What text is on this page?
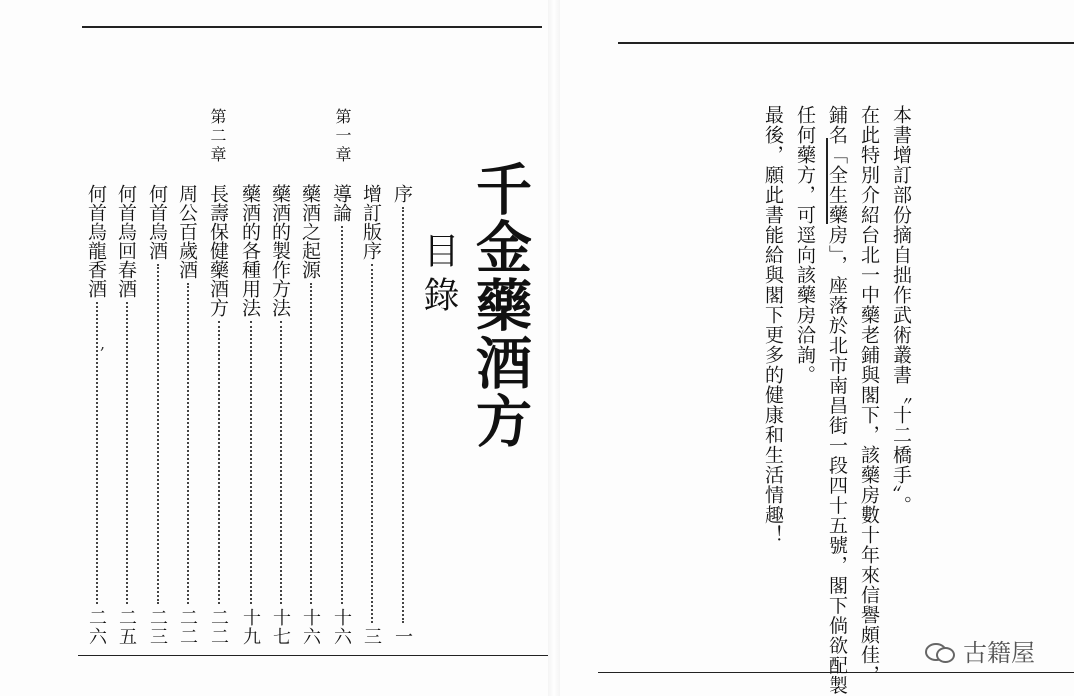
千金藥酒方
目錄
第一章
第二章
序
一
增訂版序
三
導論
十六
藥酒之起源
十六
藥酒的製作方法
十七
藥酒的各種用法
十九
長壽保健藥酒方
二二
周公百歲酒
二二
何首烏酒
二三
何首烏回春酒
二五
何首烏龍香酒
二六
,	本書增訂部份摘自拙作武術叢書〝十二橋手〞。
在此特別介紹台北一中藥老鋪與閣下，該藥房數十年來信譽頗佳，
鋪名「全生藥房」，座落於北市南昌街一段四十五號，閣下倘欲配製
任何藥方，可逕向該藥房洽詢。
最後，願此書能給與閣下更多的健康和生活情趣！
古籍屋
